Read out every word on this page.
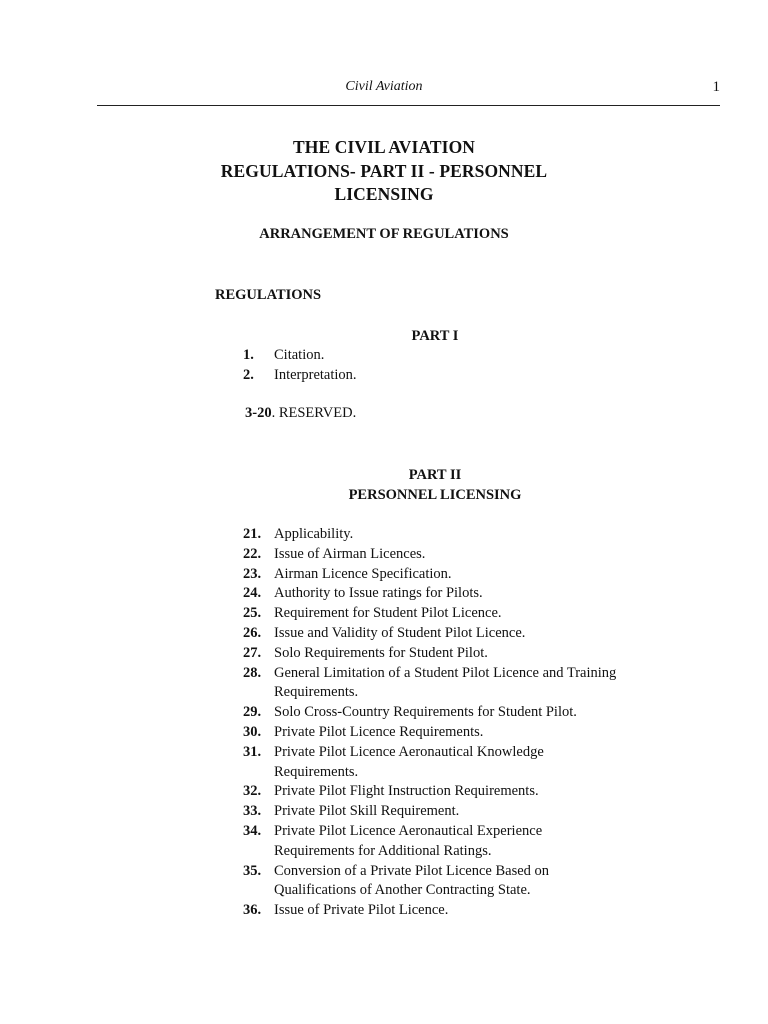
Civil Aviation	1
THE CIVIL AVIATION
REGULATIONS- PART II - PERSONNEL
LICENSING
ARRANGEMENT OF REGULATIONS
REGULATIONS
PART I
1.	Citation.
2.	Interpretation.
3-20. RESERVED.
PART II
PERSONNEL LICENSING
21. Applicability.
22. Issue of Airman Licences.
23. Airman Licence Specification.
24. Authority to Issue ratings for Pilots.
25. Requirement for Student Pilot Licence.
26. Issue and Validity of Student Pilot Licence.
27. Solo Requirements for Student Pilot.
28. General Limitation of a Student Pilot Licence and Training Requirements.
29. Solo Cross-Country Requirements for Student Pilot.
30. Private Pilot Licence Requirements.
31. Private Pilot Licence Aeronautical Knowledge Requirements.
32. Private Pilot Flight Instruction Requirements.
33. Private Pilot Skill Requirement.
34. Private Pilot Licence Aeronautical Experience Requirements for Additional Ratings.
35. Conversion of a Private Pilot Licence Based on Qualifications of Another Contracting State.
36. Issue of Private Pilot Licence.
